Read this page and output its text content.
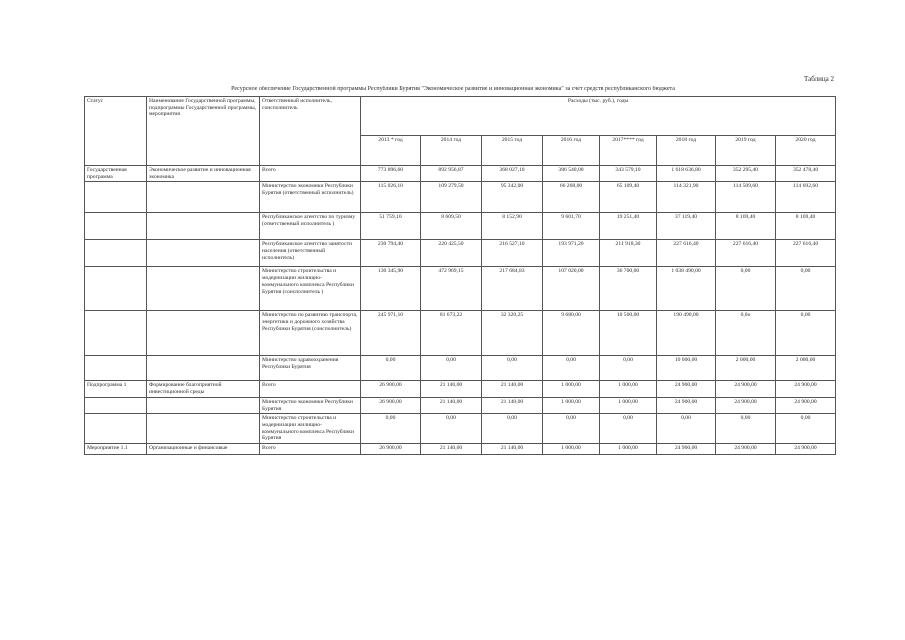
Таблица 2
Ресурсное обеспечение Государственной программы Республики Бурятия "Экономическое развитие и инновационная экономика" за счет средств республиканского бюджета
Статус	Наименование Государственной программы, подпрограммы Государственной программы, мероприятия	Ответственный исполнитель, соисполнитель	Расходы (тыс. руб.), годы							
			2013 * год	2014 год	2015 год	2016 год	2017**** год	2018 год	2019 год	2020 год
Государственная программа	Экономическое развитие и инновационная экономика	Всего	773 896,60	892 956,87	368 027,10	386 540,00	343 579,10	1 618 636,80	352 295,40	352 478,40
		Министерство экономики Республики Бурятия (ответственный исполнитель)	115 026,10	109 279,50	95 342,00	66 268,00	65 109,40	114 321,90	114 509,60	114 692,60
		Республиканское агентство по туризму (ответственный исполнитель )	51 759,10	8 609,50	8 152,90	9 601,70	19 251,40	37 119,40	8 169,40	8 169,40
		Республиканское агентство занятости населения (ответственный исполнитель)	230 794,40	220 425,50	216 527,10	193 971,20	211 918,30	227 616,40	227 616,40	227 616,40
		Министерство строительства и модернизации жилищно-коммунального комплекса Республики Бурятия (соисполнитель )	130 345,90	472 969,15	217 684,83	107 020,00	36 700,00	1 038 490,00	0,00	0,00
		Министерство по развитию транспорта, энергетики и дорожного хозяйства Республики Бурятия (соисполнитель)	245 971,10	81 673,22	32 320,25	9 680,00	10 500,00	190 490,00	0,0o	0,00
		Министерство здравоохранения Республики Бурятия	0,00	0,00	0,00	0,00	0,00	10 000,00	2 000,00	2 000,00
Подпрограмма 1	Формирование благоприятной инвестиционной среды	Всего	26 900,00	21 140,00	21 140,00	1 000,00	1 000,00	24 900,00	24 900,00	24 900,00
		Министерство экономики Республики Бурятия	26 900,00	21 140,00	21 140,00	1 000,00	1 000,00	24 900,00	24 900,00	24 900,00
		Министерство строительства и модернизации жилищно-коммунального комплекса Республики Бурятия	0,00	0,00	0,00	0,00	0,00	0,00	0,00	0,00
Мероприятие 1.1	Организационные и финансовые	Всего	26 900,00	21 140,00	21 140,00	1 000,00	1 000,00	24 900,00	24 900,00	24 900,00
